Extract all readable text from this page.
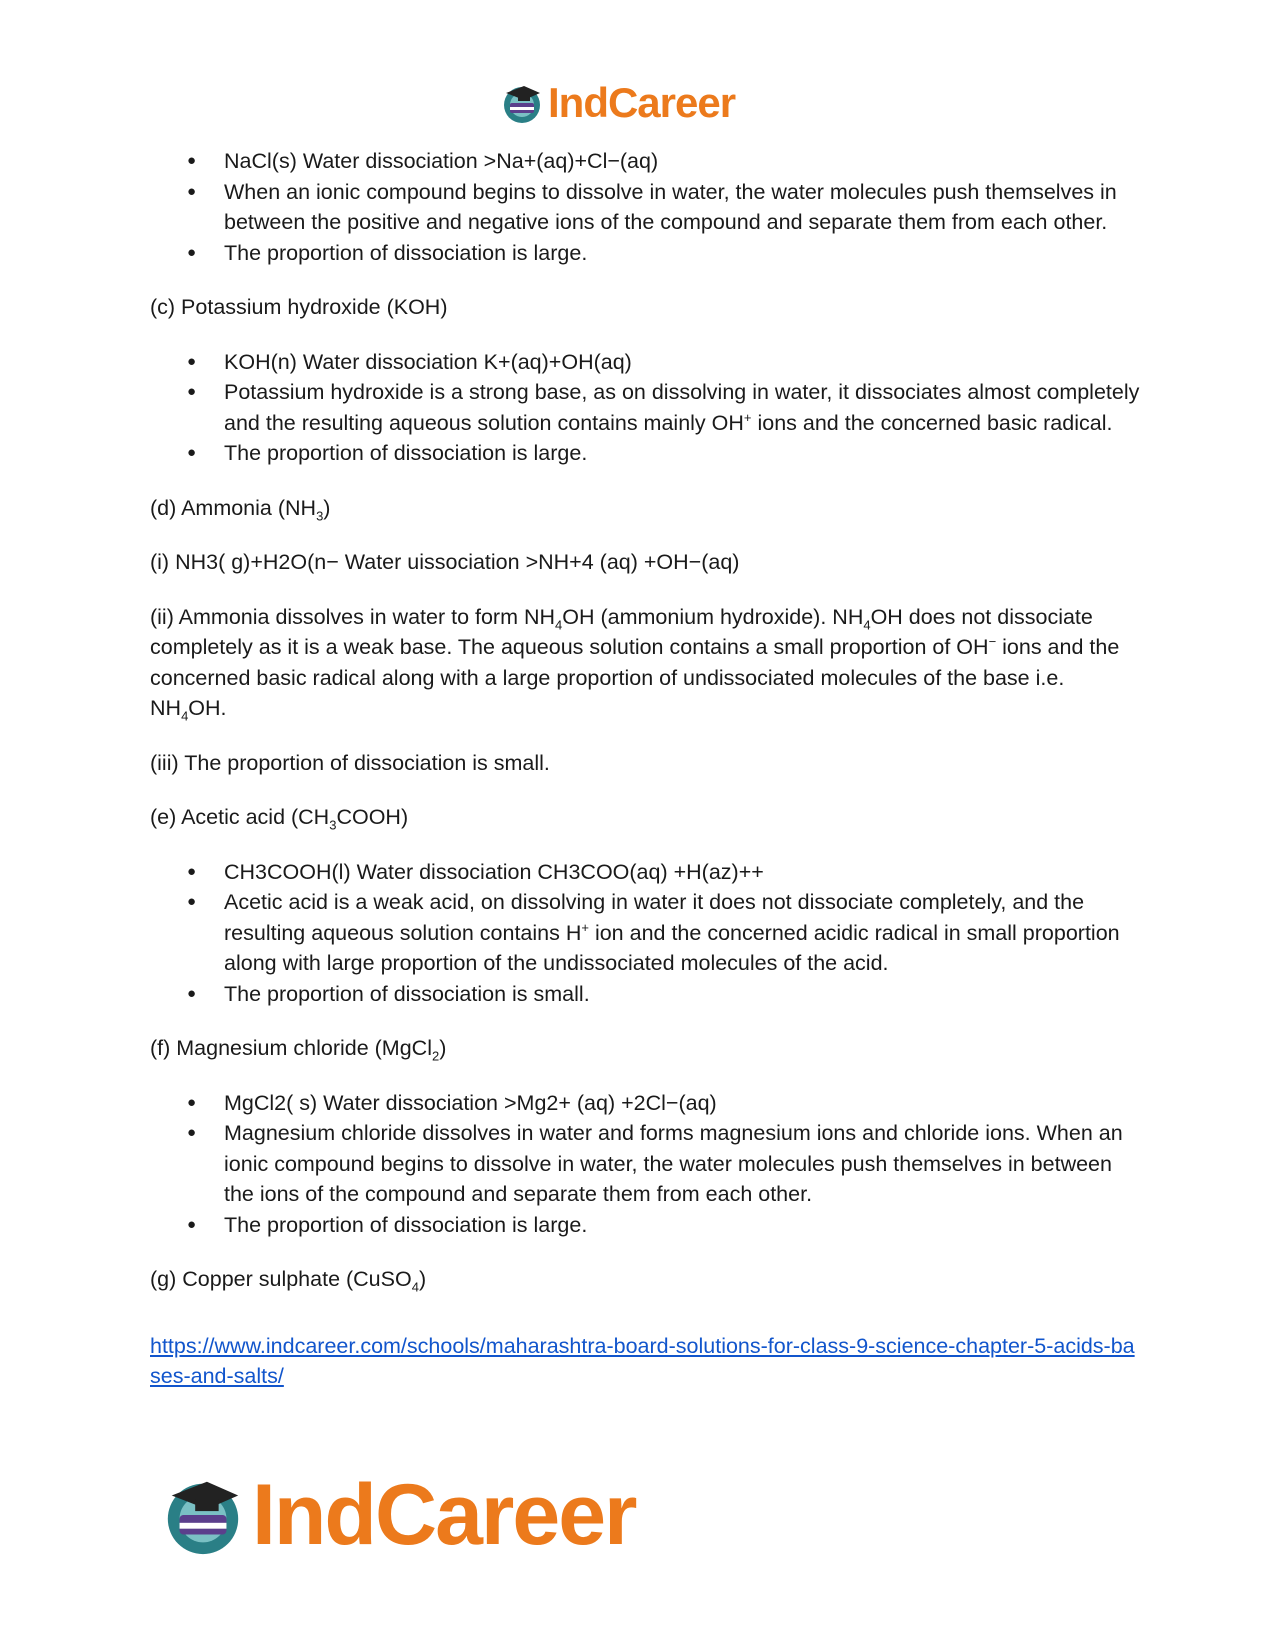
IndCareer
● NaCl(s) Water dissociation >Na+(aq)+Cl−(aq)
● When an ionic compound begins to dissolve in water, the water molecules push themselves in between the positive and negative ions of the compound and separate them from each other.
● The proportion of dissociation is large.

(c) Potassium hydroxide (KOH)

● KOH(n) Water dissociation K+(aq)+OH(aq)
● Potassium hydroxide is a strong base, as on dissolving in water, it dissociates almost completely and the resulting aqueous solution contains mainly OH+ ions and the concerned basic radical.
● The proportion of dissociation is large.

(d) Ammonia $(NH_3)$

(i) NH3( g)+H2O(n− Water uissociation >NH+4 (aq) +OH−(aq)

(ii) Ammonia dissolves in water to form $NH_4OH$ (ammonium hydroxide). $NH_4OH$ does not dissociate completely as it is a weak base. The aqueous solution contains a small proportion of OH− ions and the concerned basic radical along with a large proportion of undissociated molecules of the base i.e. $NH_4OH$.

(iii) The proportion of dissociation is small.

(e) Acetic acid $(CH_3COOH)$

● CH3COOH(l) Water dissociation CH3COO(aq) +H(az)++
● Acetic acid is a weak acid, on dissolving in water it does not dissociate completely, and the resulting aqueous solution contains H+ ion and the concerned acidic radical in small proportion along with large proportion of the undissociated molecules of the acid.
● The proportion of dissociation is small.

(f) Magnesium chloride (MgCl$_2$)

● MgCl2( s) Water dissociation >Mg2+ (aq) +2Cl−(aq)
● Magnesium chloride dissolves in water and forms magnesium ions and chloride ions. When an ionic compound begins to dissolve in water, the water molecules push themselves in between the ions of the compound and separate them from each other.
● The proportion of dissociation is large.

(g) Copper sulphate (CuSO$_4$)

https://www.indcareer.com/schools/maharashtra-board-solutions-for-class-9-science-chapter-5-acids-bases-and-salts/

IndCareer
